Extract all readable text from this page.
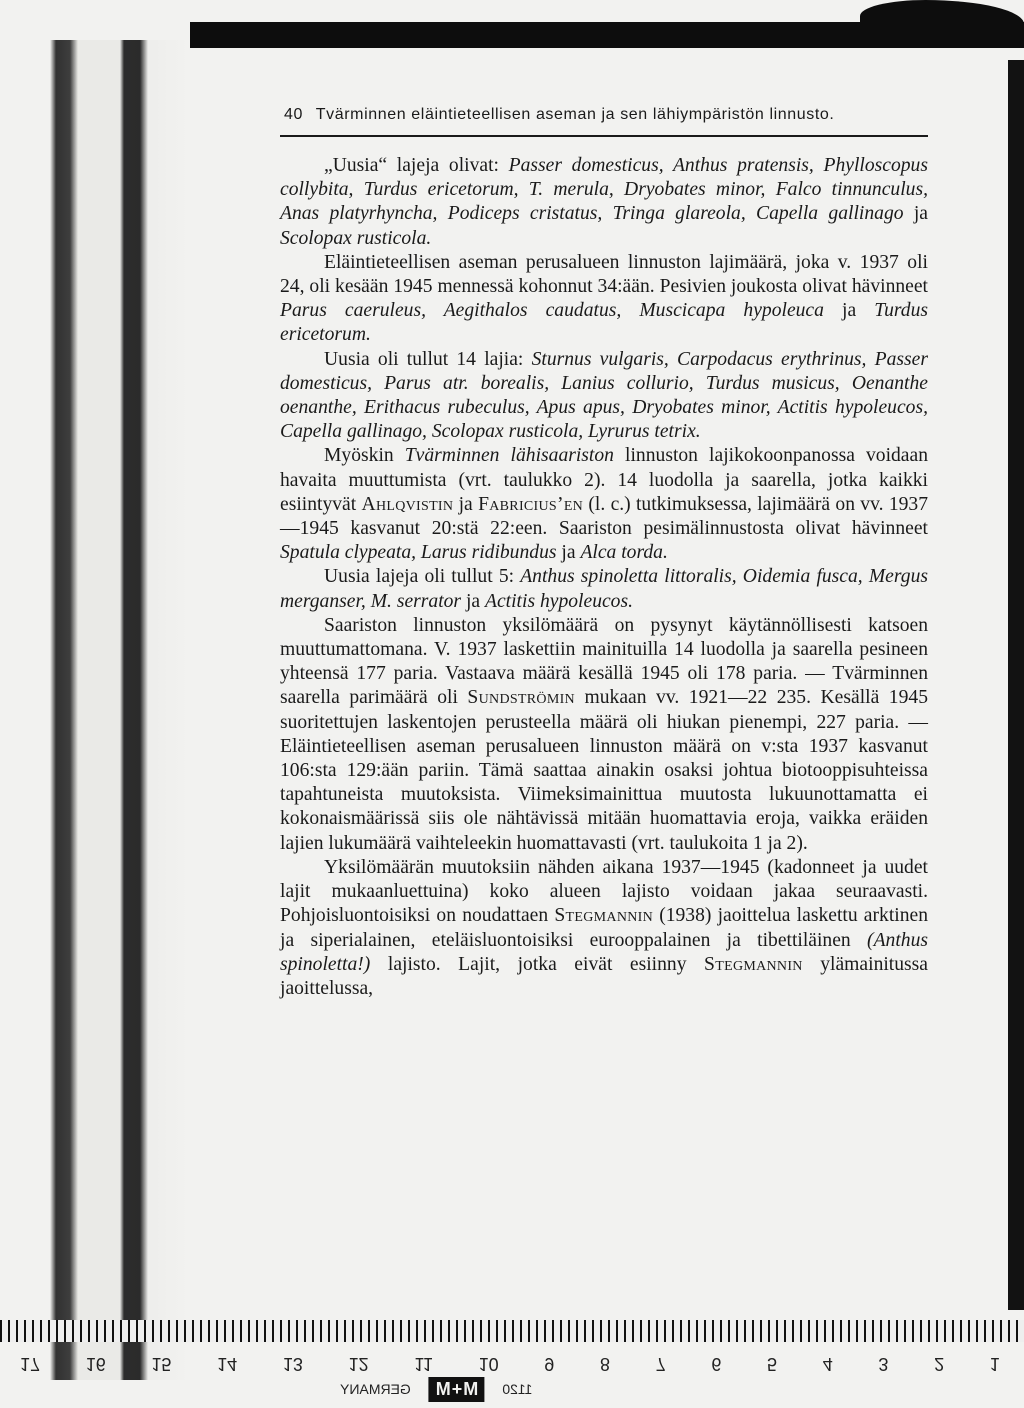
40 Tvärminnen eläintieteellisen aseman ja sen lähiympäristön linnusto.

„Uusia“ lajeja olivat: Passer domesticus, Anthus pratensis, Phylloscopus collybita, Turdus ericetorum, T. merula, Dryobates minor, Falco tinnunculus, Anas platyrhyncha, Podiceps cristatus, Tringa glareola, Capella gallinago ja Scolopax rusticola.

Eläintieteellisen aseman perusalueen linnuston lajimäärä, joka v. 1937 oli 24, oli kesään 1945 mennessä kohonnut 34:ään. Pesivien joukosta olivat hävinneet Parus caeruleus, Aegithalos caudatus, Muscicapa hypoleuca ja Turdus ericetorum.

Uusia oli tullut 14 lajia: Sturnus vulgaris, Carpodacus erythrinus, Passer domesticus, Parus atr. borealis, Lanius collurio, Turdus musicus, Oenanthe oenanthe, Erithacus rubeculus, Apus apus, Dryobates minor, Actitis hypoleucos, Capella gallinago, Scolopax rusticola, Lyrurus tetrix.

Myöskin Tvärminnen lähisaariston linnuston lajikokoonpanossa voidaan havaita muuttumista (vrt. taulukko 2). 14 luodolla ja saarella, jotka kaikki esiintyvät Ahlqvistin ja Fabricius’en (l. c.) tutkimuksessa, lajimäärä on vv. 1937—1945 kasvanut 20:stä 22:een. Saariston pesimälinnustosta olivat hävinneet Spatula clypeata, Larus ridibundus ja Alca torda.

Uusia lajeja oli tullut 5: Anthus spinoletta littoralis, Oidemia fusca, Mergus merganser, M. serrator ja Actitis hypoleucos.

Saariston linnuston yksilömäärä on pysynyt käytännöllisesti katsoen muuttumattomana. V. 1937 laskettiin mainituilla 14 luodolla ja saarella pesineen yhteensä 177 paria. Vastaava määrä kesällä 1945 oli 178 paria. — Tvärminnen saarella parimäärä oli Sundströmin mukaan vv. 1921—22 235. Kesällä 1945 suoritettujen laskentojen perusteella määrä oli hiukan pienempi, 227 paria. — Eläintieteellisen aseman perusalueen linnuston määrä on v:sta 1937 kasvanut 106:sta 129:ään pariin. Tämä saattaa ainakin osaksi johtua biotooppisuhteissa tapahtuneista muutoksista. Viimeksimainittua muutosta lukuunottamatta ei kokonaismäärissä siis ole nähtävissä mitään huomattavia eroja, vaikka eräiden lajien lukumäärä vaihteleekin huomattavasti (vrt. taulukoita 1 ja 2).

Yksilömäärän muutoksiin nähden aikana 1937—1945 (kadonneet ja uudet lajit mukaanluettuina) koko alueen lajisto voidaan jakaa seuraavasti. Pohjoisluontoisiksi on noudattaen Stegmannin (1938) jaoittelua laskettu arktinen ja siperialainen, eteläisluontoisiksi eurooppalainen ja tibettiläinen (Anthus spinoletta!) lajisto. Lajit, jotka eivät esiinny Stegmannin ylämainitussa jaoittelussa,

17	16	15	14	13	12	11	10	9	8	7	6	5	4	3	2	1
1120
M+M
GERMANY
